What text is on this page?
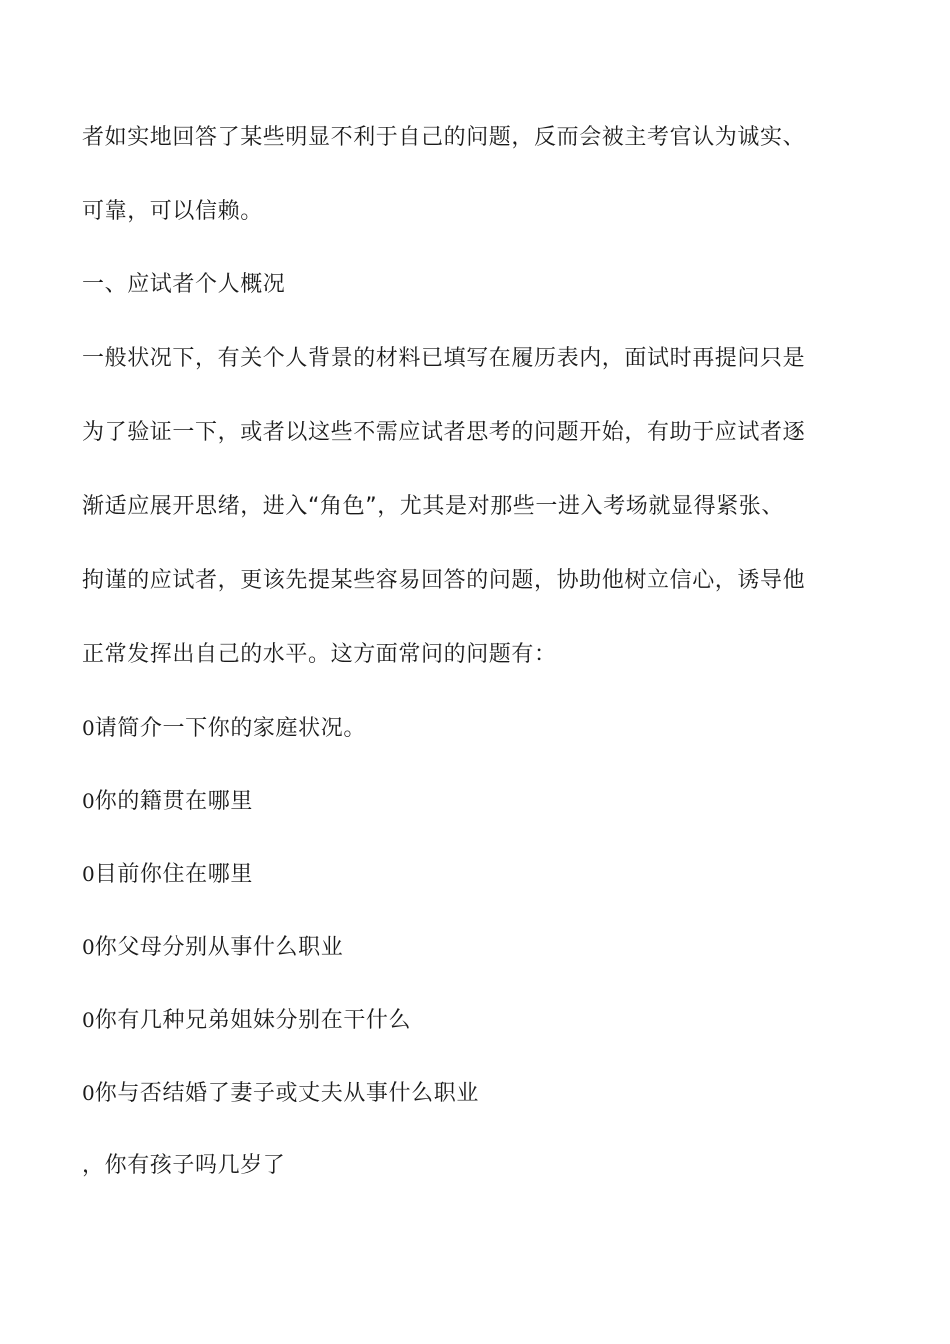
者如实地回答了某些明显不利于自己的问题，反而会被主考官认为诚实、
可靠，可以信赖。
一、应试者个人概况
一般状况下，有关个人背景的材料已填写在履历表内，面试时再提问只是
为了验证一下，或者以这些不需应试者思考的问题开始，有助于应试者逐
渐适应展开思绪，进入“角色”，尤其是对那些一进入考场就显得紧张、
拘谨的应试者，更该先提某些容易回答的问题，协助他树立信心，诱导他
正常发挥出自己的水平。这方面常问的问题有：
0请简介一下你的家庭状况。
0你的籍贯在哪里
0目前你住在哪里
0你父母分别从事什么职业
0你有几种兄弟姐妹分别在干什么
0你与否结婚了妻子或丈夫从事什么职业
，你有孩子吗几岁了
